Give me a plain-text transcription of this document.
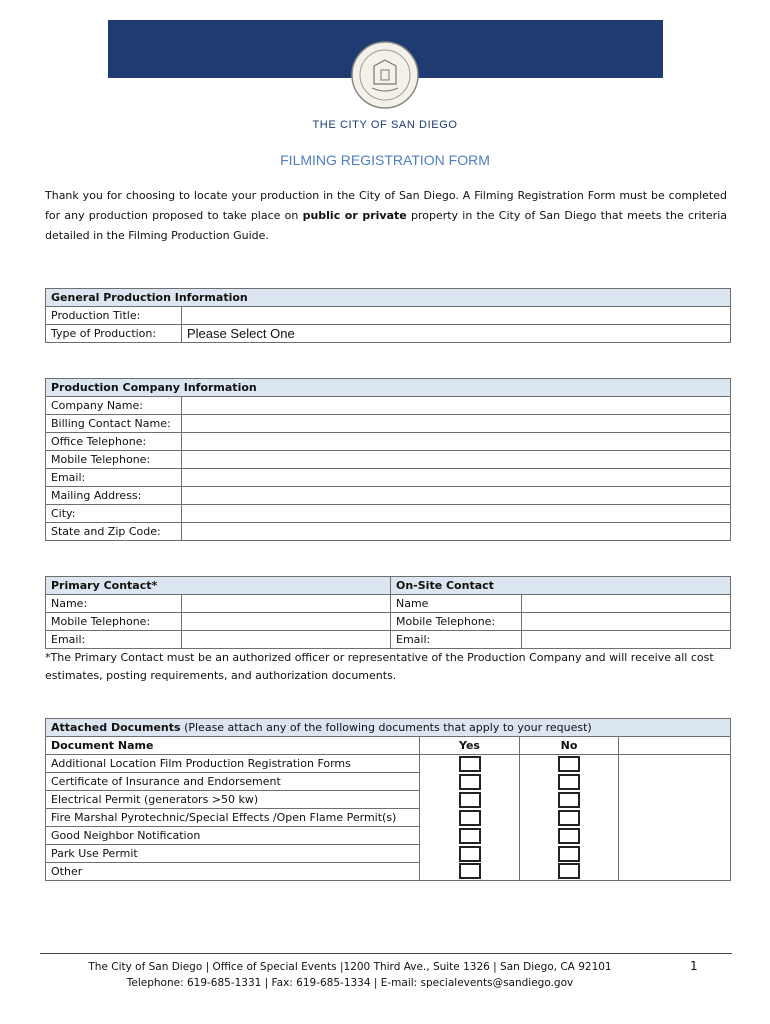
THE CITY OF SAN DIEGO
FILMING REGISTRATION FORM
Thank you for choosing to locate your production in the City of San Diego. A Filming Registration Form must be completed for any production proposed to take place on public or private property in the City of San Diego that meets the criteria detailed in the Filming Production Guide.
General Production Information	
Production Title:	
Type of Production:	Please Select One
Production Company Information	
Company Name:	
Billing Contact Name:	
Office Telephone:	
Mobile Telephone:	
Email:	
Mailing Address:	
City:	
State and Zip Code:	
Primary Contact*		On-Site Contact	
Name:		Name	
Mobile Telephone:		Mobile Telephone:	
Email:		Email:	
*The Primary Contact must be an authorized officer or representative of the Production Company and will receive all cost estimates, posting requirements, and authorization documents.
Attached Documents (Please attach any of the following documents that apply to your request)			
Document Name	Yes	No	
Additional Location Film Production Registration Forms			
Certificate of Insurance and Endorsement			
Electrical Permit (generators >50 kw)			
Fire Marshal Pyrotechnic/Special Effects /Open Flame Permit(s)			
Good Neighbor Notification			
Park Use Permit			
Other			
The City of San Diego | Office of Special Events |1200 Third Ave., Suite 1326 | San Diego, CA 92101
Telephone: 619-685-1331 | Fax: 619-685-1334 | E-mail: specialevents@sandiego.gov
1
